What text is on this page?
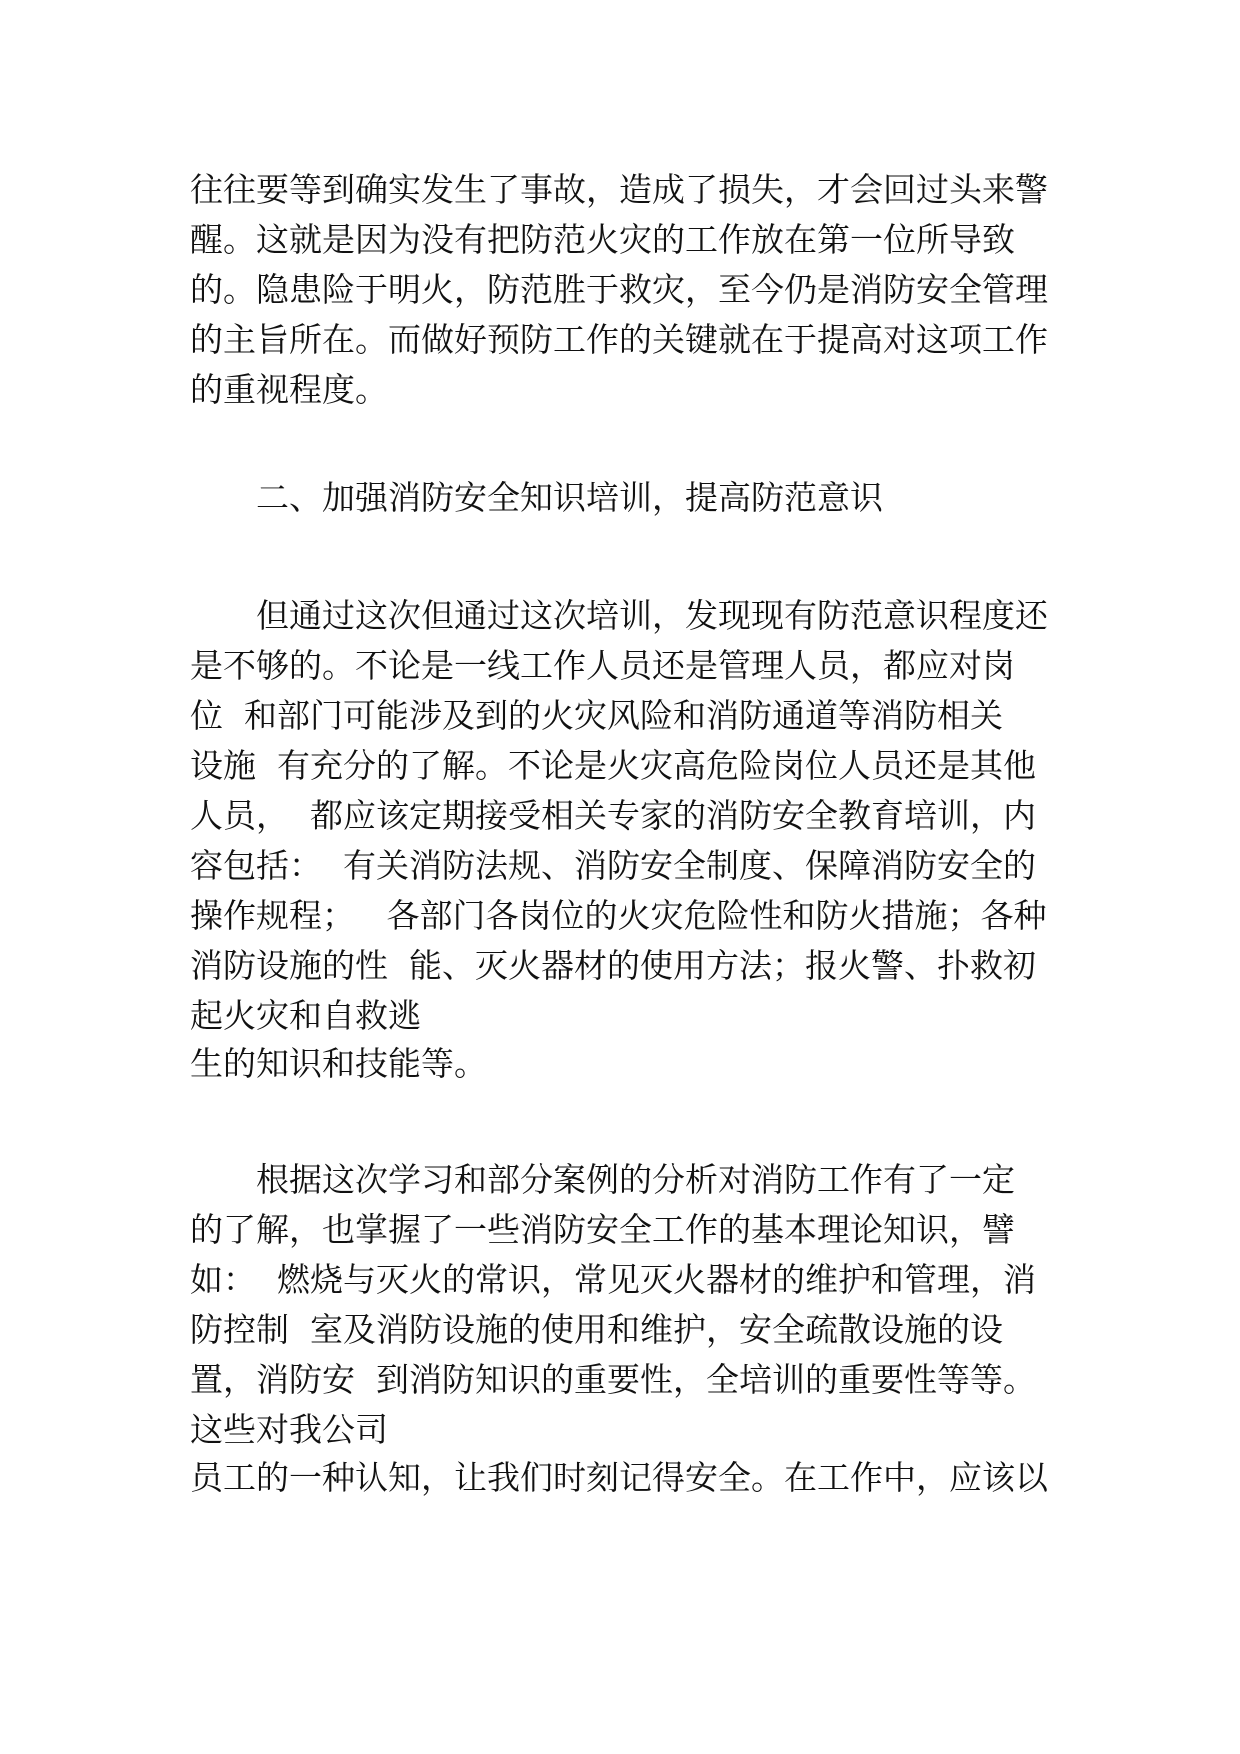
往往要等到确实发生了事故，造成了损失，才会回过头来警
醒。这就是因为没有把防范火灾的工作放在第一位所导致
的。隐患险于明火，防范胜于救灾，至今仍是消防安全管理
的主旨所在。而做好预防工作的关键就在于提高对这项工作
的重视程度。
二、加强消防安全知识培训，提高防范意识
但通过这次但通过这次培训，发现现有防范意识程度还
是不够的。不论是一线工作人员还是管理人员，都应对岗
位  和部门可能涉及到的火灾风险和消防通道等消防相关
设施  有充分的了解。不论是火灾高危险岗位人员还是其他
人员，  都应该定期接受相关专家的消防安全教育培训，内
容包括：  有关消防法规、消防安全制度、保障消防安全的
操作规程；   各部门各岗位的火灾危险性和防火措施；各种
消防设施的性  能、灭火器材的使用方法；报火警、扑救初
起火灾和自救逃
生的知识和技能等。
根据这次学习和部分案例的分析对消防工作有了一定
的了解，也掌握了一些消防安全工作的基本理论知识，譬
如：  燃烧与灭火的常识，常见灭火器材的维护和管理，消
防控制  室及消防设施的使用和维护，安全疏散设施的设
置，消防安  到消防知识的重要性，全培训的重要性等等。
这些对我公司
员工的一种认知，让我们时刻记得安全。在工作中，应该以
